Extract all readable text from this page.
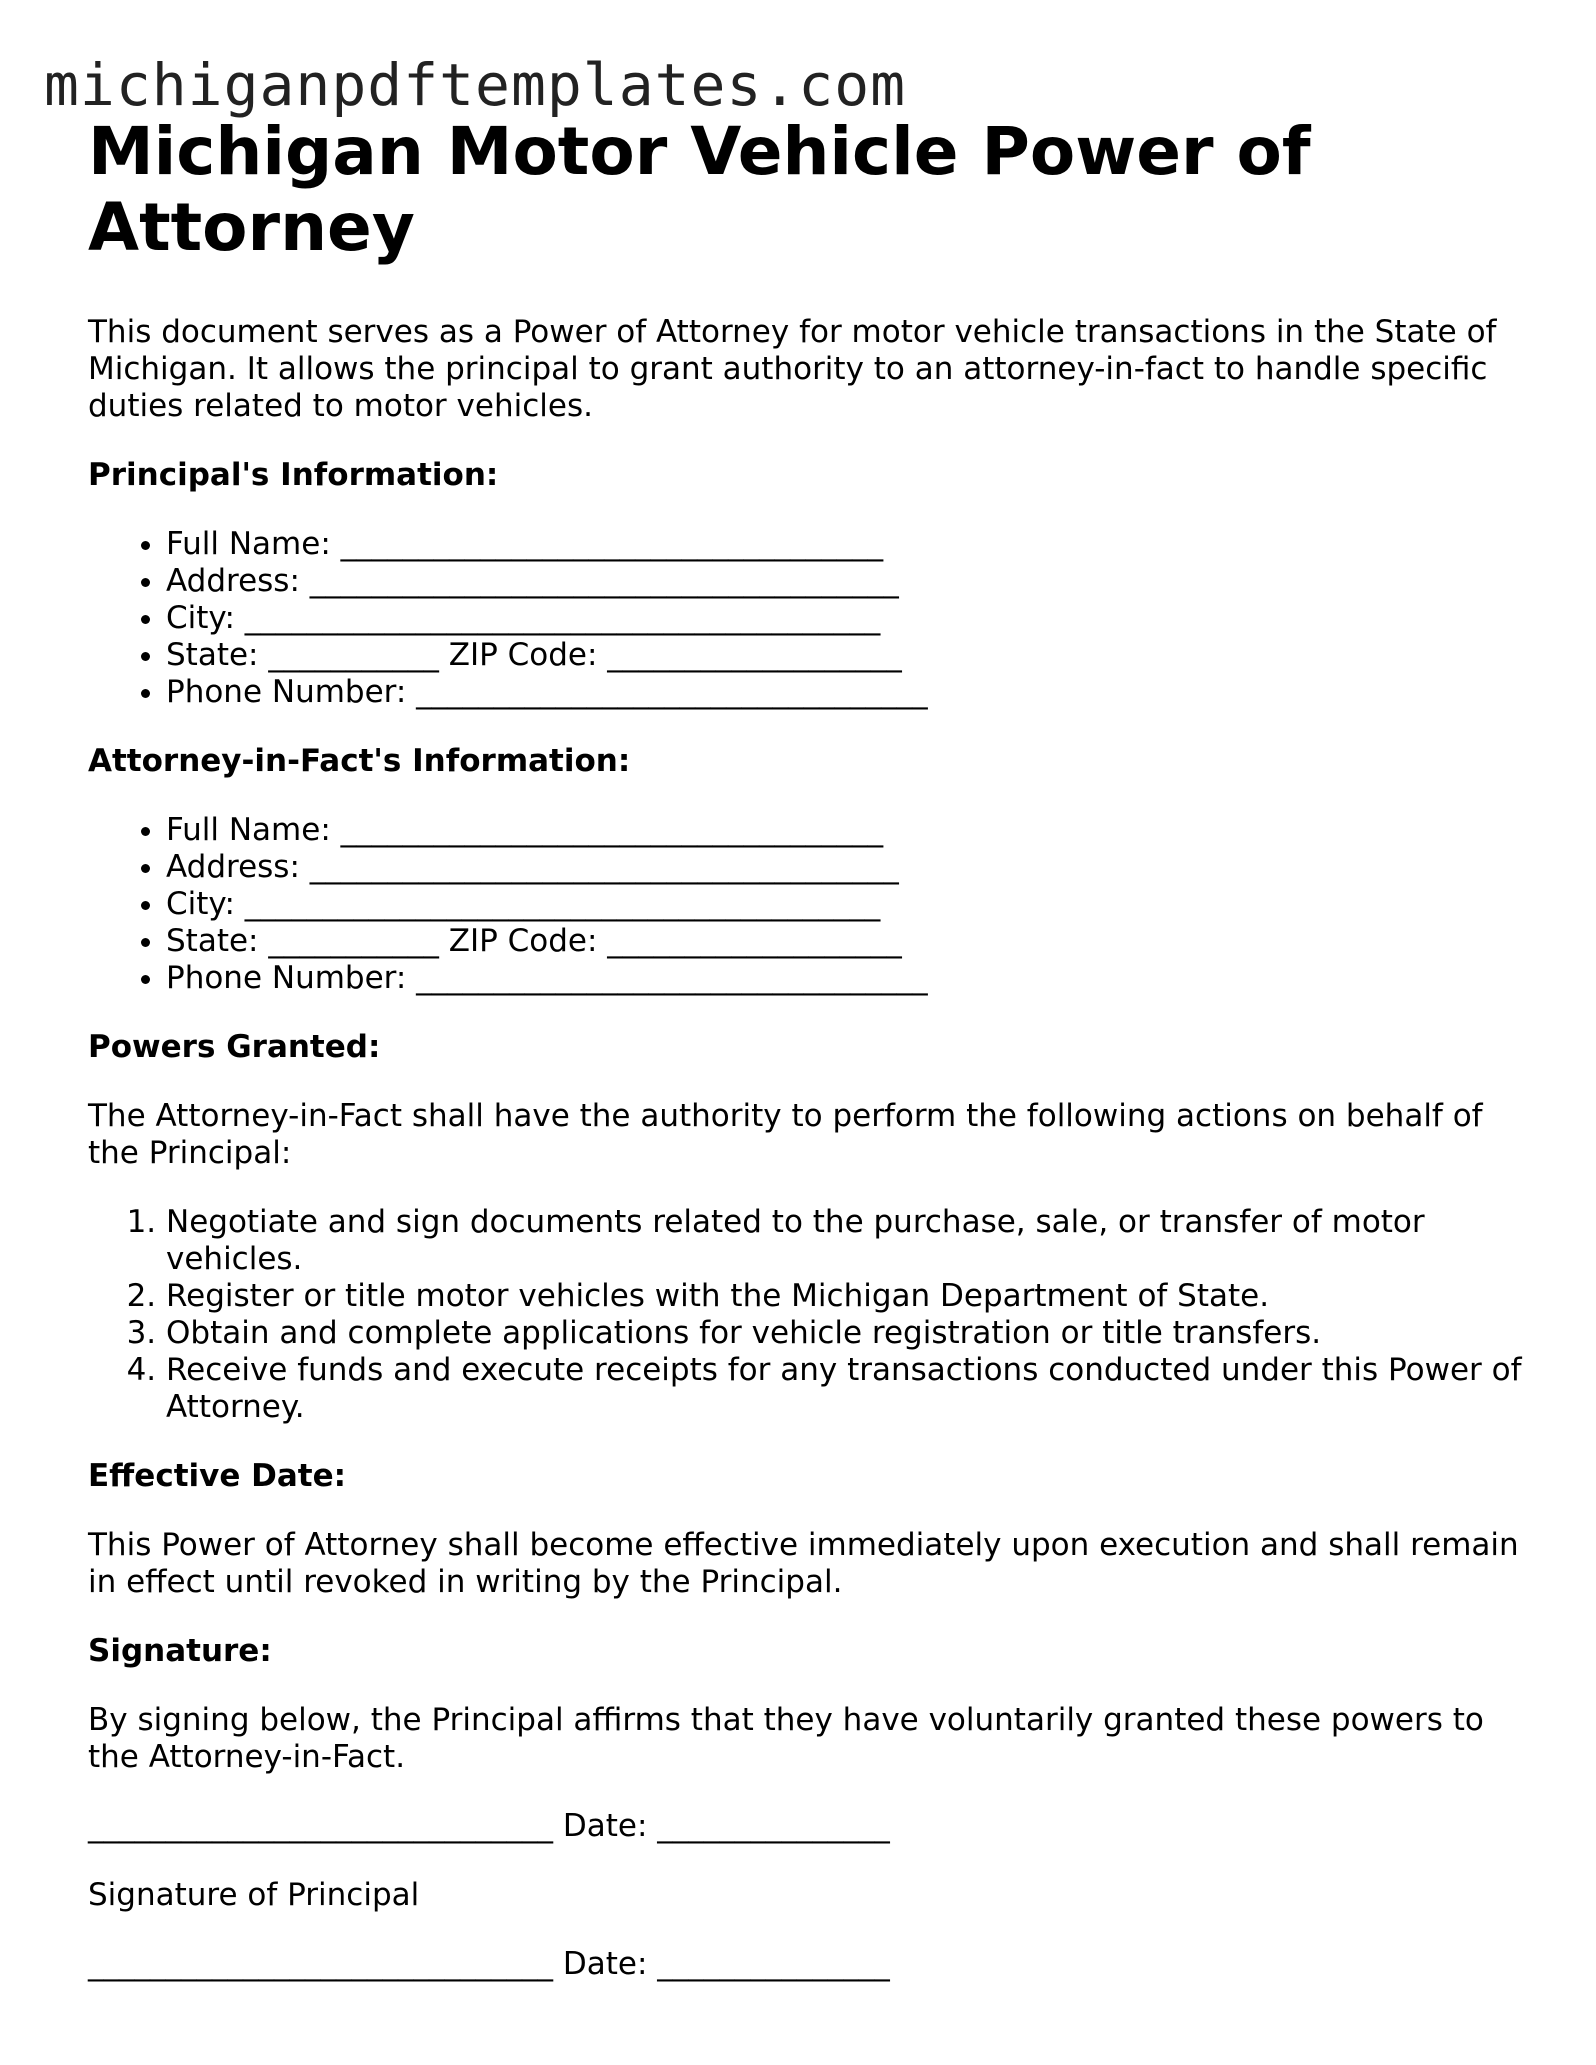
michiganpdftemplates.com
Michigan Motor Vehicle Power of Attorney

This document serves as a Power of Attorney for motor vehicle transactions in the State of Michigan. It allows the principal to grant authority to an attorney-in-fact to handle specific duties related to motor vehicles.

Principal's Information:
• Full Name: ___________________________________
• Address: ______________________________________
• City: _________________________________________
• State: ___________ ZIP Code: ___________________
• Phone Number: _________________________________
Attorney-in-Fact's Information:
• Full Name: ___________________________________
• Address: ______________________________________
• City: _________________________________________
• State: ___________ ZIP Code: ___________________
• Phone Number: _________________________________
Powers Granted:

The Attorney-in-Fact shall have the authority to perform the following actions on behalf of the Principal:

1. Negotiate and sign documents related to the purchase, sale, or transfer of motor vehicles.
2. Register or title motor vehicles with the Michigan Department of State.
3. Obtain and complete applications for vehicle registration or title transfers.
4. Receive funds and execute receipts for any transactions conducted under this Power of Attorney.
Effective Date:

This Power of Attorney shall become effective immediately upon execution and shall remain in effect until revoked in writing by the Principal.

Signature:

By signing below, the Principal affirms that they have voluntarily granted these powers to the Attorney-in-Fact.

______________________________ Date: _______________
Signature of Principal
______________________________ Date: _______________
